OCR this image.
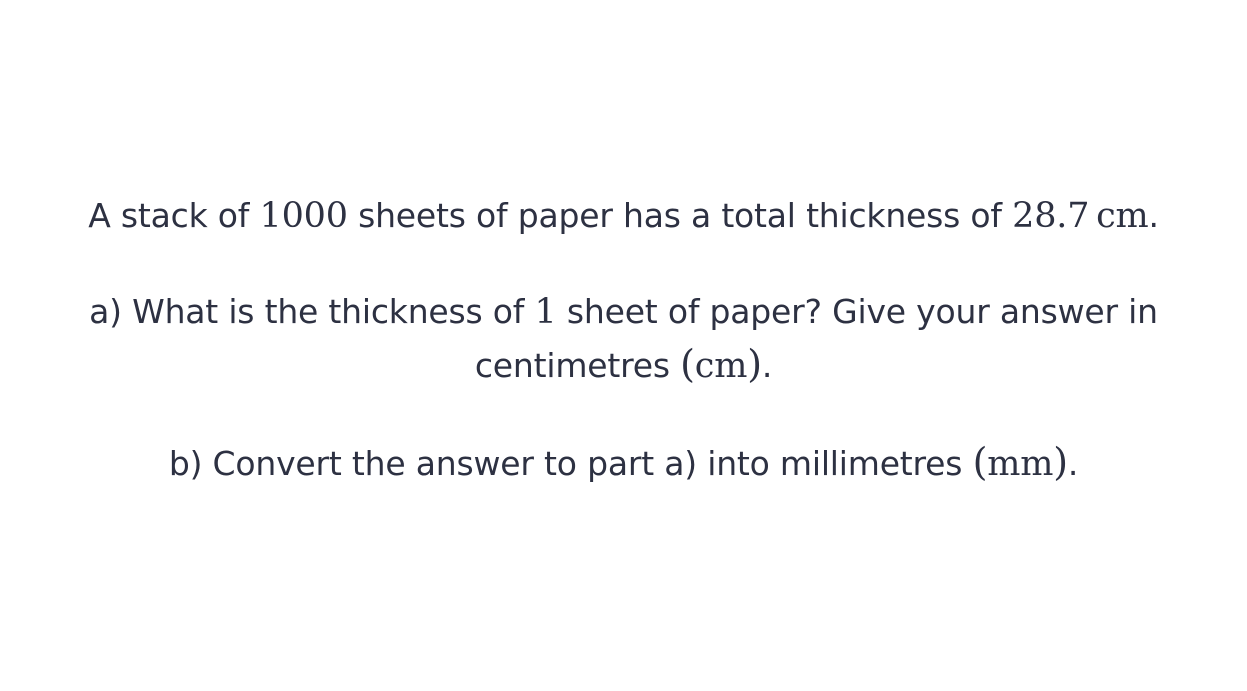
A stack of 1000 sheets of paper has a total thickness of 28.7  cm.

a) What is the thickness of 1 sheet of paper? Give your answer in centimetres (cm).

b) Convert the answer to part a) into millimetres (mm).
